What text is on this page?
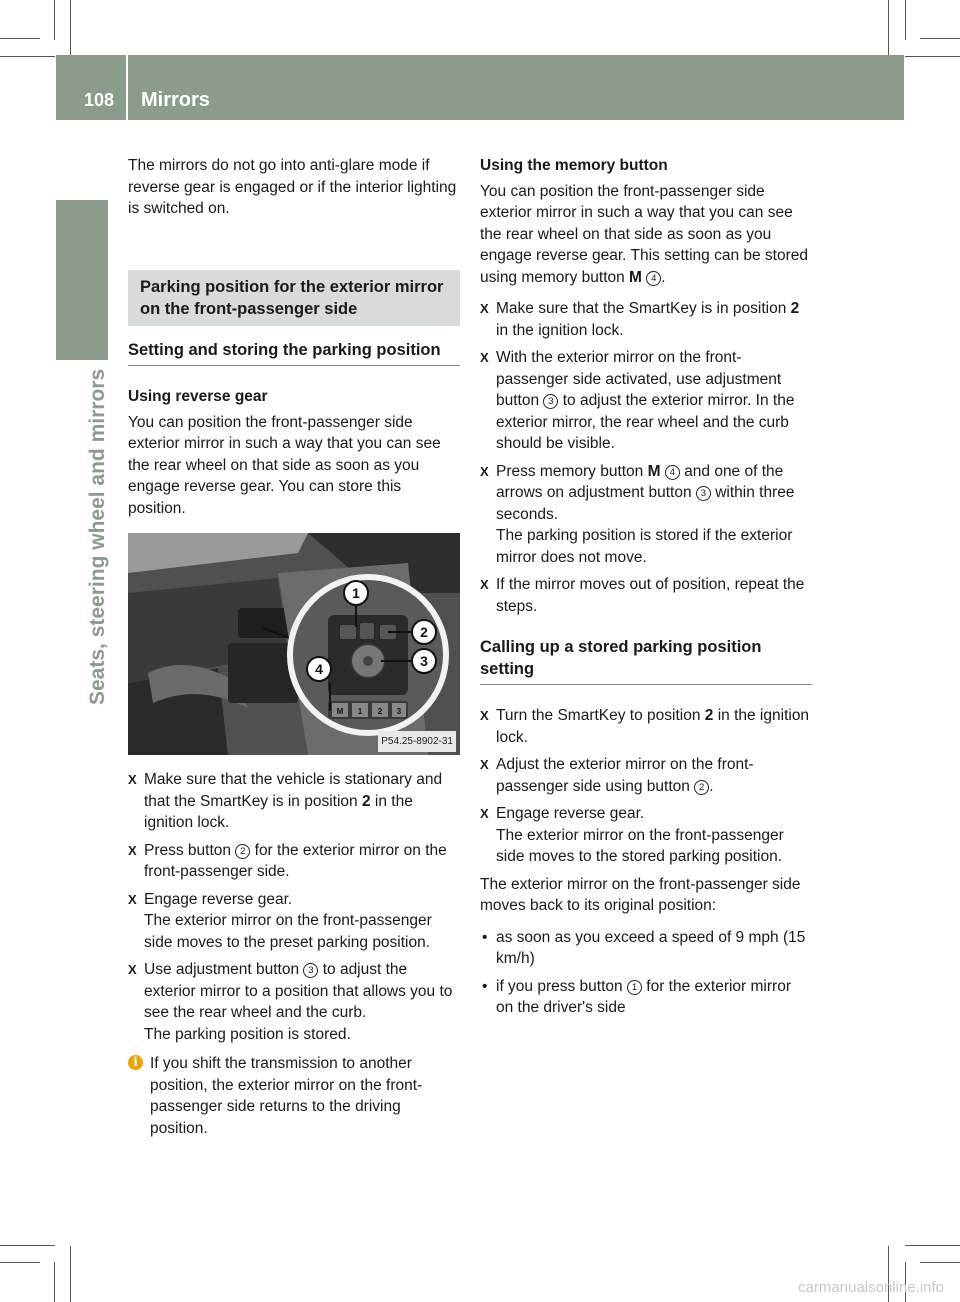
108 Mirrors
Seats, steering wheel and mirrors

The mirrors do not go into anti-glare mode if reverse gear is engaged or if the interior lighting is switched on.

Parking position for the exterior mirror on the front-passenger side
Setting and storing the parking position
Using reverse gear

You can position the front-passenger side exterior mirror in such a way that you can see the rear wheel on that side as soon as you engage reverse gear. You can store this position.

M 1 2 3
1
2
3
4
P54.25-8902-31
X Make sure that the vehicle is stationary and that the SmartKey is in position 2 in the ignition lock.
X Press button 2 for the exterior mirror on the front-passenger side.
X Engage reverse gear.
The exterior mirror on the front-passenger side moves to the preset parking position.
X Use adjustment button 3 to adjust the exterior mirror to a position that allows you to see the rear wheel and the curb.
The parking position is stored.
i If you shift the transmission to another position, the exterior mirror on the front-passenger side returns to the driving position.
Using the memory button

You can position the front-passenger side exterior mirror in such a way that you can see the rear wheel on that side as soon as you engage reverse gear. This setting can be stored using memory button M 4 .

X Make sure that the SmartKey is in position 2 in the ignition lock.
X With the exterior mirror on the front-passenger side activated, use adjustment button 3 to adjust the exterior mirror. In the exterior mirror, the rear wheel and the curb should be visible.
X Press memory button M 4 and one of the arrows on adjustment button 3 within three seconds.
The parking position is stored if the exterior mirror does not move.
X If the mirror moves out of position, repeat the steps.
Calling up a stored parking position setting
X Turn the SmartKey to position 2 in the ignition lock.
X Adjust the exterior mirror on the front-passenger side using button 2 .
X Engage reverse gear.
The exterior mirror on the front-passenger side moves to the stored parking position.

The exterior mirror on the front-passenger side moves back to its original position:

• as soon as you exceed a speed of 9 mph (15 km/h)
• if you press button 1 for the exterior mirror on the driver's side
carmanualsonline.info
